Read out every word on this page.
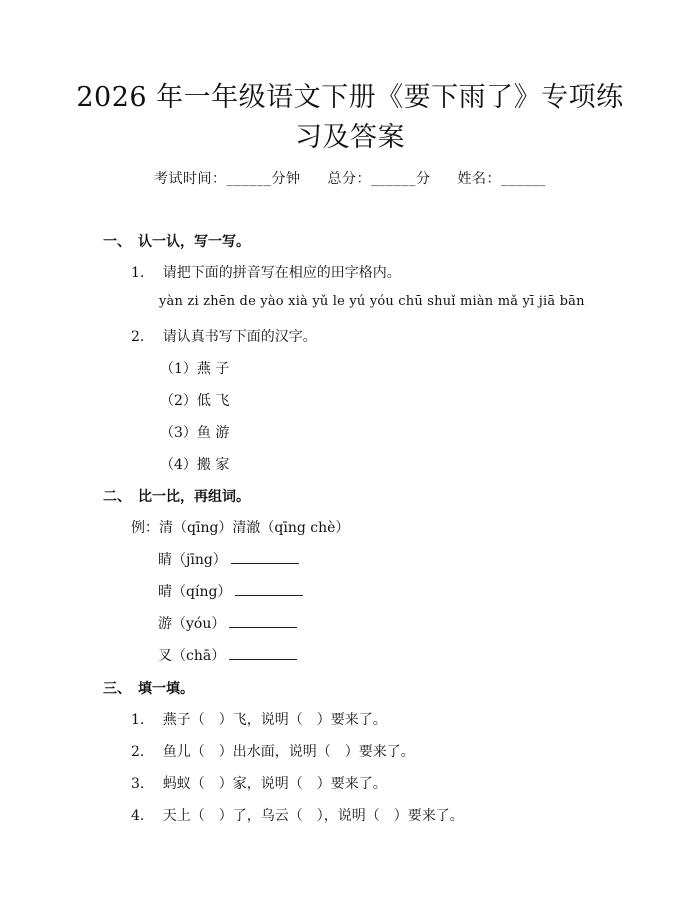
2026 年一年级语文下册《要下雨了》专项练
习及答案
考试时间：______分钟 总分：______分 姓名：______
一、　认一认，写一写。
1.　 请把下面的拼音写在相应的田字格内。
yàn zi zhēn de yào xià yǔ le yú yóu chū shuǐ miàn mǎ yī jiā bān
2.　 请认真书写下面的汉字。
（1）燕 子
（2）低 飞
（3）鱼 游
（4）搬 家
二、　比一比，再组词。
例：清（qīng）清澈（qīng chè）
睛（jīng）
晴（qíng）
游（yóu）
叉（chā）
三、　填一填。
1.　 燕子（　）飞，说明（　）要来了。
2.　 鱼儿（　）出水面，说明（　）要来了。
3.　 蚂蚁（　）家，说明（　）要来了。
4.　 天上（　）了，乌云（　），说明（　）要来了。
